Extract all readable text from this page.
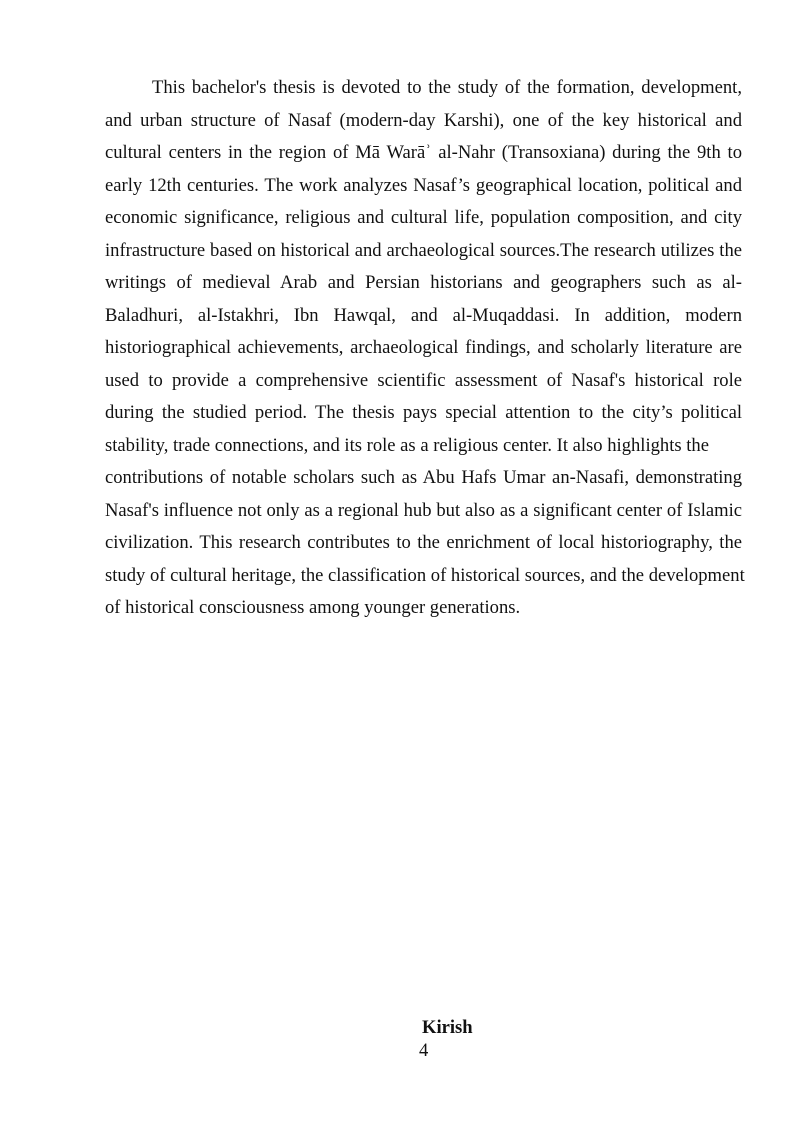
This bachelor's thesis is devoted to the study of the formation, development,
and urban structure of Nasaf (modern-day Karshi), one of the key historical and
cultural centers in the region of Mā Warāʾ al-Nahr (Transoxiana) during the 9th to
early 12th centuries. The work analyzes Nasaf’s geographical location, political and
economic significance, religious and cultural life, population composition, and city
infrastructure based on historical and archaeological sources.The research utilizes the
writings of medieval Arab and Persian historians and geographers such as al-
Baladhuri, al-Istakhri, Ibn Hawqal, and al-Muqaddasi. In addition, modern
historiographical achievements, archaeological findings, and scholarly literature are
used to provide a comprehensive scientific assessment of Nasaf's historical role
during the studied period. The thesis pays special attention to the city’s political
stability, trade connections, and its role as a religious center. It also highlights the
contributions of notable scholars such as Abu Hafs Umar an-Nasafi, demonstrating
Nasaf's influence not only as a regional hub but also as a significant center of Islamic
civilization. This research contributes to the enrichment of local historiography, the
study of cultural heritage, the classification of historical sources, and the development
of historical consciousness among younger generations.
Kirish
4
